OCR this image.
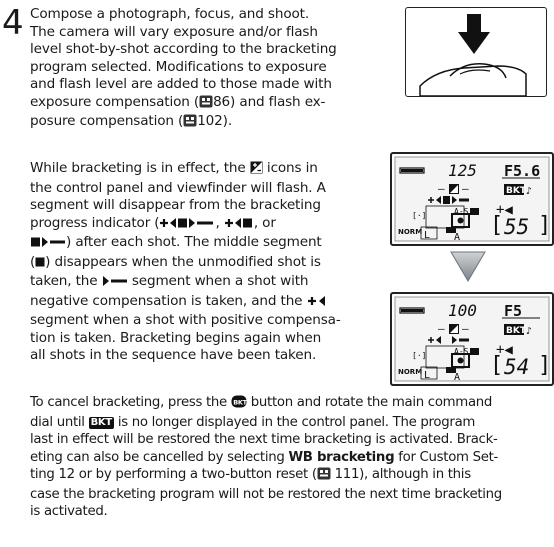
4 Compose a photograph, focus, and shoot.
The camera will vary exposure and/or flash
level shot-by-shot according to the bracketing
program selected. Modifications to exposure
and flash level are added to those made with
exposure compensation ( 86) and flash ex-
posure compensation ( 102).
While bracketing is in effect, the  icons in
the control panel and viewfinder will flash. A
segment will disappear from the bracketing
progress indicator (	, , or
) after each shot. The middle segment
( ) disappears when the unmodified shot is
taken, the  segment when a shot with
negative compensation is taken, and the
segment when a shot with positive compensa-
tion is taken. Bracketing begins again when
all shots in the sequence have been taken.
125 F5.6
— —	BKT ♪
A-S
[·]	+◀
[ 55 ]
NORM L A
100 F5
— —	BKT ♪
A-S
[·]	+◀
[ 54 ]
NORM L A
To cancel bracketing, press the BKT button and rotate the main command
dial until BKT is no longer displayed in the control panel. The program
last in effect will be restored the next time bracketing is activated. Brack-
eting can also be cancelled by selecting WB bracketing for Custom Set-
ting 12 or by performing a two-button reset ( 111), although in this
case the bracketing program will not be restored the next time bracketing
is activated.
